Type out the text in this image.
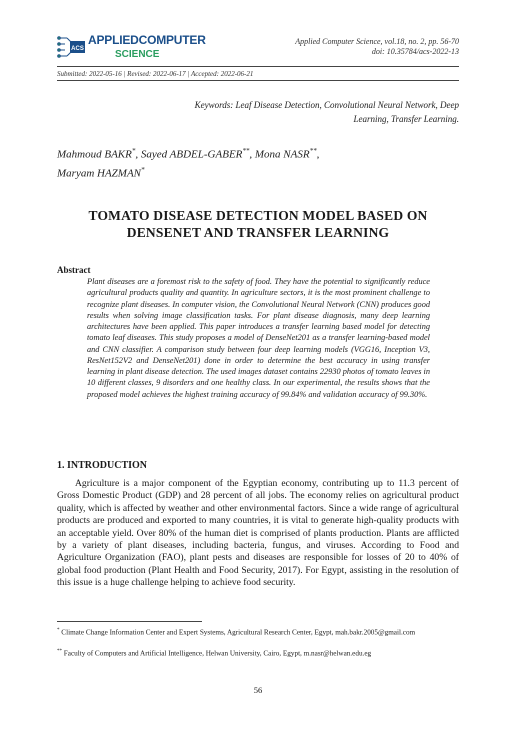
ACS
APPLIEDCOMPUTER
SCIENCE
Applied Computer Science, vol.18, no. 2, pp. 56-70
doi: 10.35784/acs-2022-13
Submitted: 2022-05-16 | Revised: 2022-06-17 | Accepted: 2022-06-21
Keywords: Leaf Disease Detection, Convolutional Neural Network, Deep Learning, Transfer Learning.
Mahmoud BAKR*, Sayed ABDEL-GABER**, Mona NASR**,
Maryam HAZMAN*
TOMATO DISEASE DETECTION MODEL BASED ON DENSENET AND TRANSFER LEARNING
Abstract
Plant diseases are a foremost risk to the safety of food. They have the potential to significantly reduce agricultural products quality and quantity. In agriculture sectors, it is the most prominent challenge to recognize plant diseases. In computer vision, the Convolutional Neural Network (CNN) produces good results when solving image classification tasks. For plant disease diagnosis, many deep learning architectures have been applied. This paper introduces a transfer learning based model for detecting tomato leaf diseases. This study proposes a model of DenseNet201 as a transfer learning-based model and CNN classifier. A comparison study between four deep learning models (VGG16, Inception V3, ResNet152V2 and DenseNet201) done in order to determine the best accuracy in using transfer learning in plant disease detection. The used images dataset contains 22930 photos of tomato leaves in 10 different classes, 9 disorders and one healthy class. In our experimental, the results shows that the proposed model achieves the highest training accuracy of 99.84% and validation accuracy of 99.30%.
1. INTRODUCTION
Agriculture is a major component of the Egyptian economy, contributing up to 11.3 percent of Gross Domestic Product (GDP) and 28 percent of all jobs. The economy relies on agricultural product quality, which is affected by weather and other environmental factors. Since a wide range of agricultural products are produced and exported to many countries, it is vital to generate high-quality products with an acceptable yield. Over 80% of the human diet is comprised of plants production. Plants are afflicted by a variety of plant diseases, including bacteria, fungus, and viruses. According to Food and Agriculture Organization (FAO), plant pests and diseases are responsible for losses of 20 to 40% of global food production (Plant Health and Food Security, 2017). For Egypt, assisting in the resolution of this issue is a huge challenge helping to achieve food security.
* Climate Change Information Center and Expert Systems, Agricultural Research Center, Egypt, mah.bakr.2005@gmail.com
** Faculty of Computers and Artificial Intelligence, Helwan University, Cairo, Egypt, m.nasr@helwan.edu.eg
56
